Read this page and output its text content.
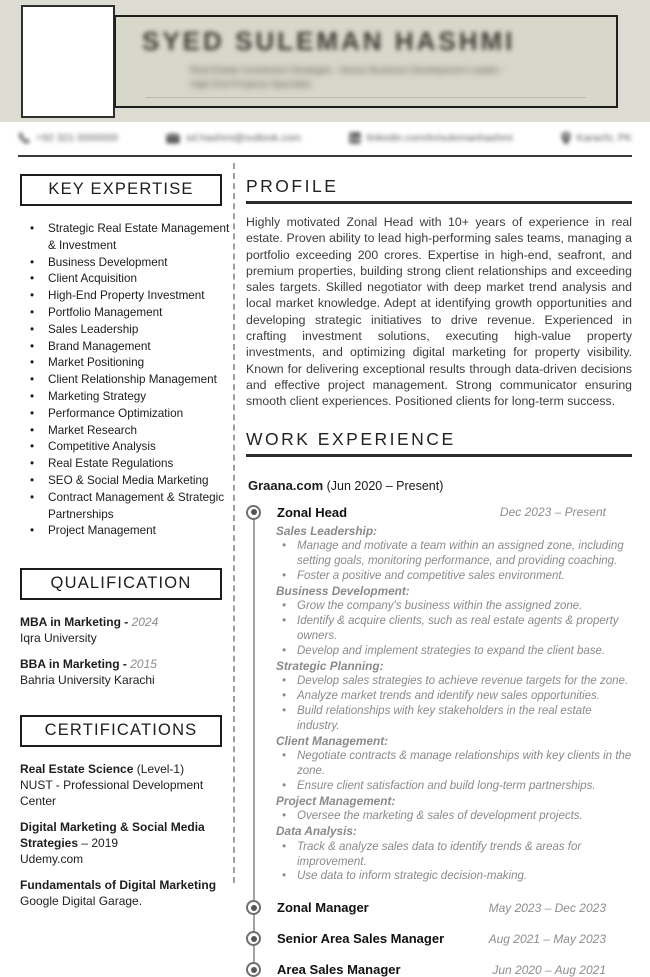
SYED SULEMAN HASHMI
Real Estate Investment Strategist - Senior Business Development Leader -
High End Property Specialist
+92 321 0000000	sd.hashmi@outlook.com	linkedin.com/in/sulemanhashmi	Karachi, PK
KEY EXPERTISE
• Strategic Real Estate Management & Investment
• Business Development
• Client Acquisition
• High-End Property Investment
• Portfolio Management
• Sales Leadership
• Brand Management
• Market Positioning
• Client Relationship Management
• Marketing Strategy
• Performance Optimization
• Market Research
• Competitive Analysis
• Real Estate Regulations
• SEO & Social Media Marketing
• Contract Management & Strategic Partnerships
• Project Management
QUALIFICATION
MBA in Marketing - 2024
Iqra University
BBA in Marketing - 2015
Bahria University Karachi
CERTIFICATIONS
Real Estate Science (Level-1)
NUST - Professional Development Center
Digital Marketing & Social Media Strategies – 2019
Udemy.com
Fundamentals of Digital Marketing
Google Digital Garage.
PROFILE

Highly motivated Zonal Head with 10+ years of experience in real estate. Proven ability to lead high-performing sales teams, managing a portfolio exceeding 200 crores. Expertise in high-end, seafront, and premium properties, building strong client relationships and exceeding sales targets. Skilled negotiator with deep market trend analysis and local market knowledge. Adept at identifying growth opportunities and developing strategic initiatives to drive revenue. Experienced in crafting investment solutions, executing high-value property investments, and optimizing digital marketing for property visibility. Known for delivering exceptional results through data-driven decisions and effective project management. Strong communicator ensuring smooth client experiences. Positioned clients for long-term success.

WORK EXPERIENCE
Graana.com (Jun 2020 – Present)
Zonal Head	Dec 2023 – Present
Sales Leadership:
• Manage and motivate a team within an assigned zone, including setting goals, monitoring performance, and providing coaching.
• Foster a positive and competitive sales environment.
Business Development:
• Grow the company's business within the assigned zone.
• Identify & acquire clients, such as real estate agents & property owners.
• Develop and implement strategies to expand the client base.
Strategic Planning:
• Develop sales strategies to achieve revenue targets for the zone.
• Analyze market trends and identify new sales opportunities.
• Build relationships with key stakeholders in the real estate industry.
Client Management:
• Negotiate contracts & manage relationships with key clients in the zone.
• Ensure client satisfaction and build long-term partnerships.
Project Management:
• Oversee the marketing & sales of development projects.
Data Analysis:
• Track & analyze sales data to identify trends & areas for improvement.
• Use data to inform strategic decision-making.
Zonal Manager	May 2023 – Dec 2023
Senior Area Sales Manager	Aug 2021 – May 2023
Area Sales Manager	Jun 2020 – Aug 2021
